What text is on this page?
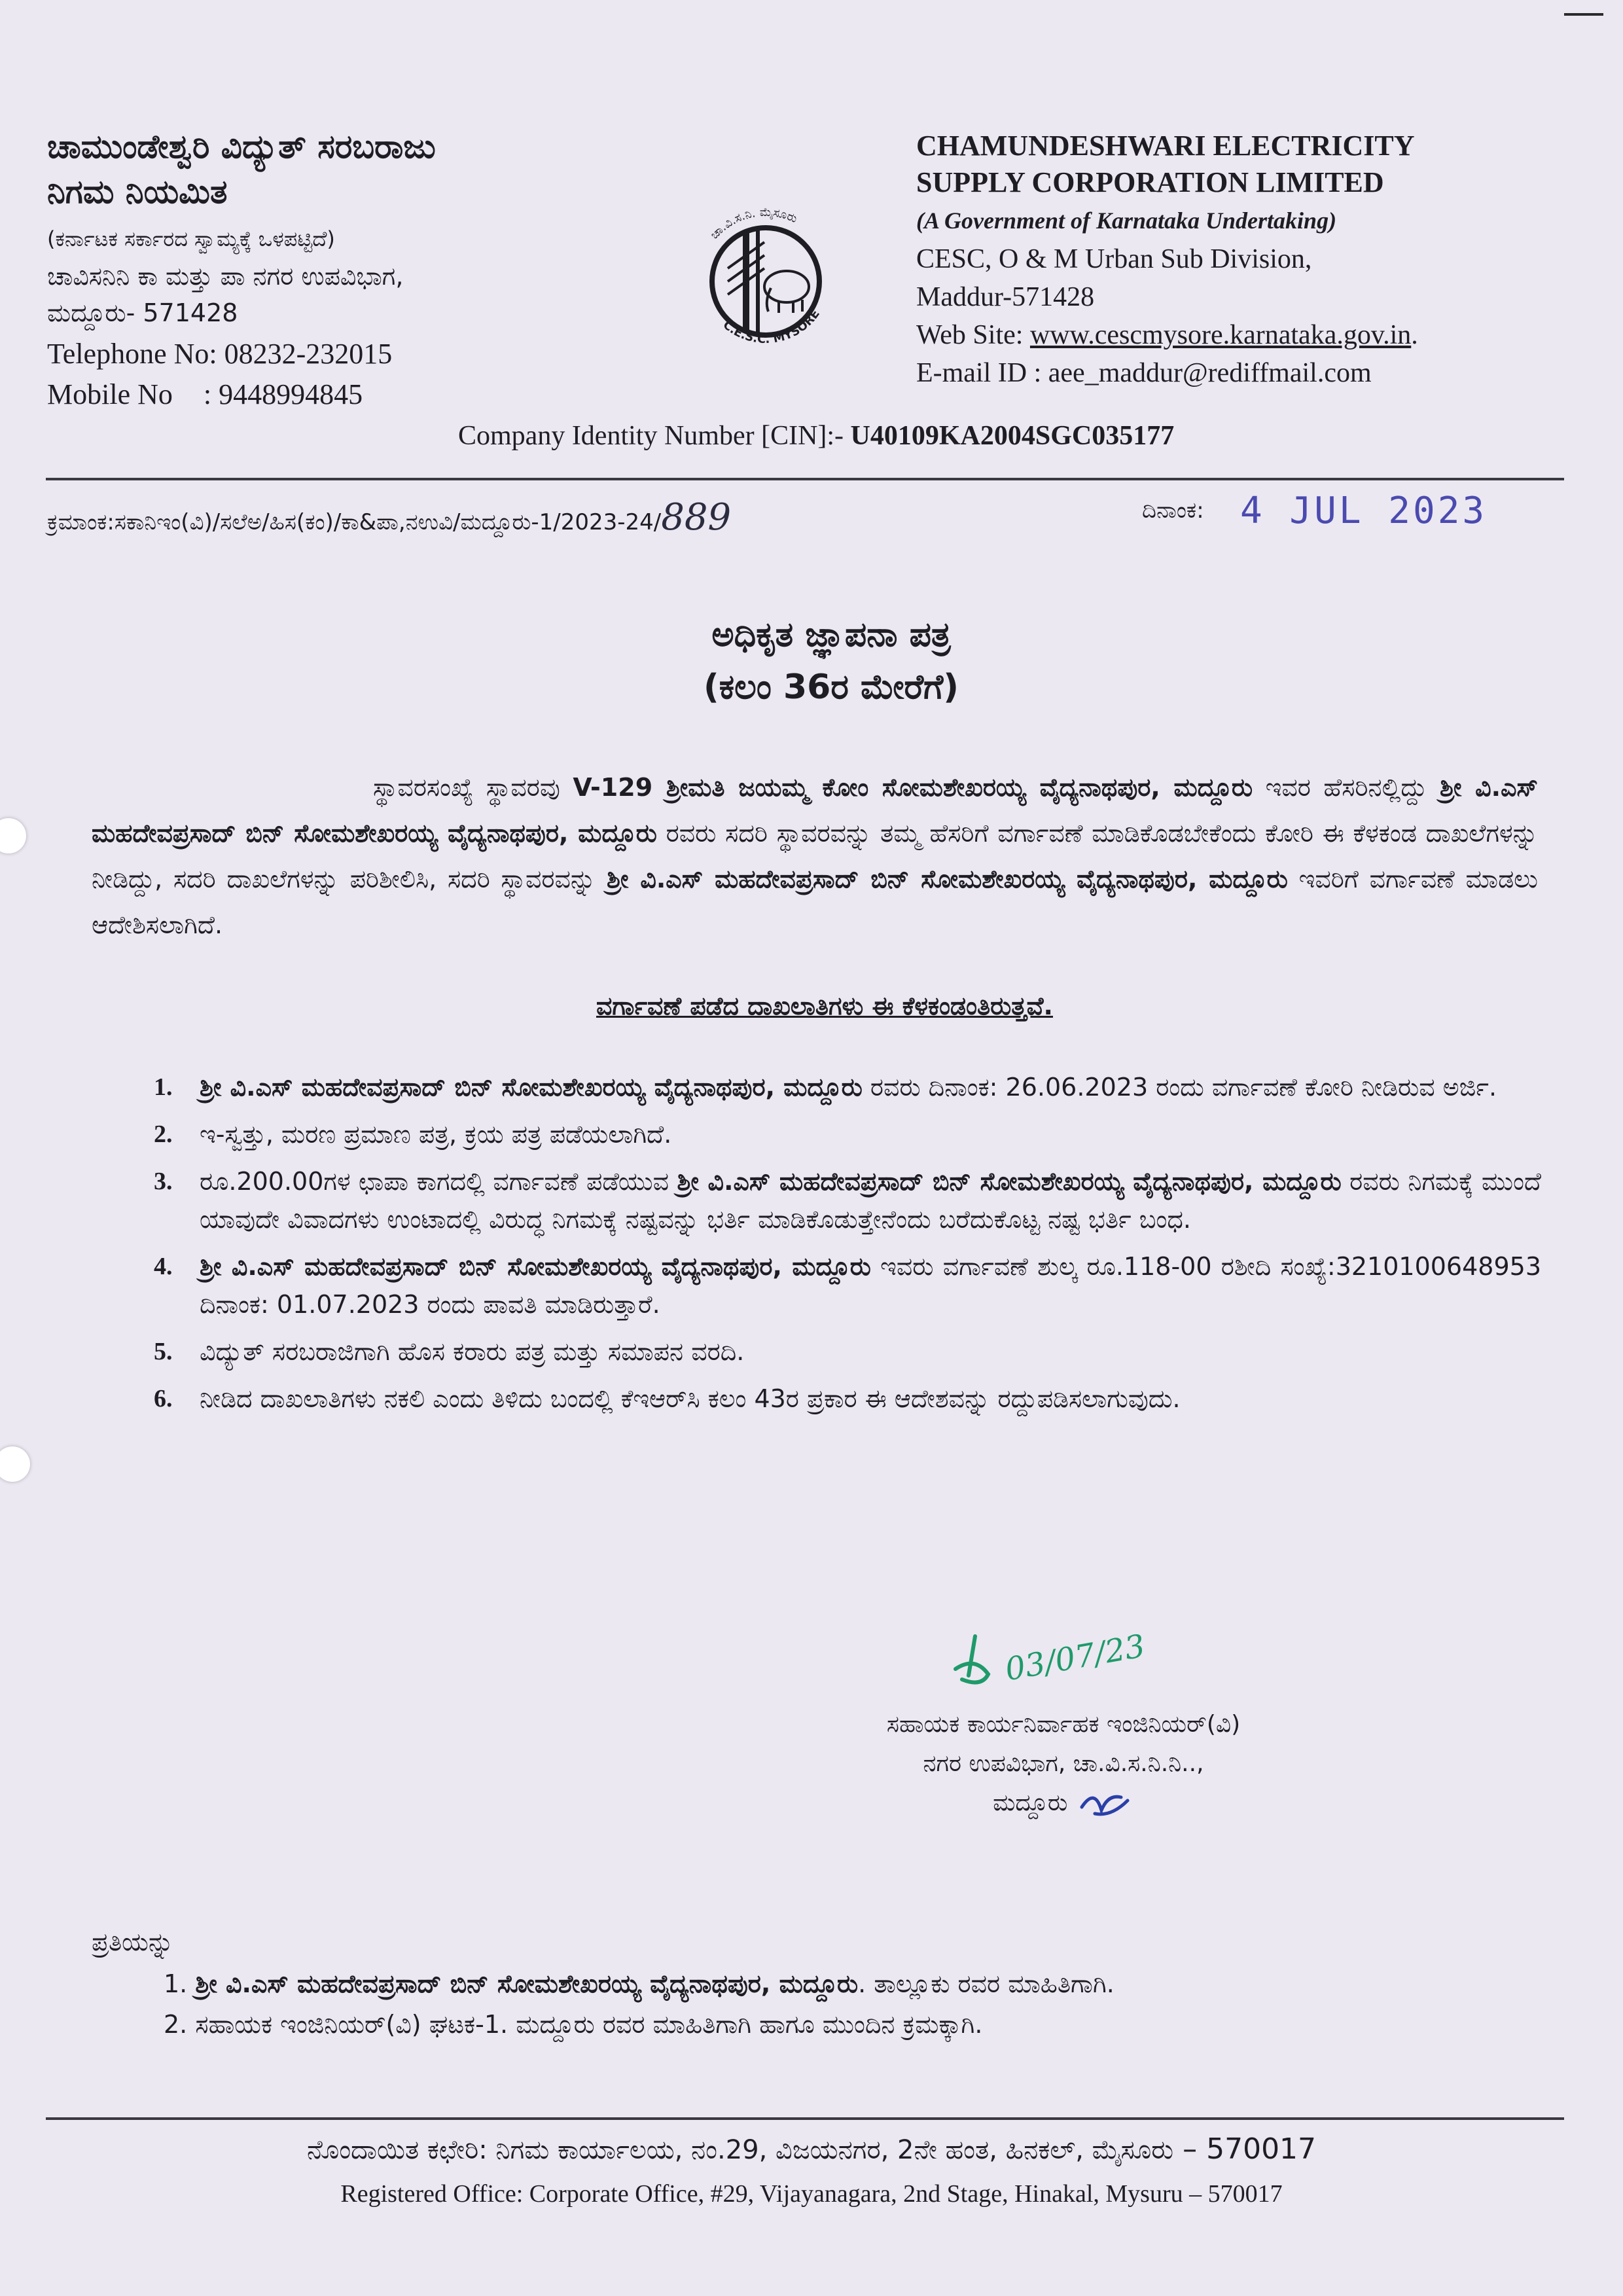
ಚಾಮುಂಡೇಶ್ವರಿ ವಿದ್ಯುತ್ ಸರಬರಾಜು
ನಿಗಮ ನಿಯಮಿತ
(ಕರ್ನಾಟಕ ಸರ್ಕಾರದ ಸ್ವಾಮ್ಯಕ್ಕೆ ಒಳಪಟ್ಟಿದೆ)
ಚಾವಿಸನಿನಿ ಕಾ ಮತ್ತು ಪಾ ನಗರ ಉಪವಿಭಾಗ,
ಮದ್ದೂರು- 571428
Telephone No: 08232-232015
Mobile No : 9448994845
ಚಾ.ವಿ.ಸ.ನಿ. ಮೈಸೂರು
C.E.S.C. MYSORE
CHAMUNDESHWARI ELECTRICITY
SUPPLY CORPORATION LIMITED
(A Government of Karnataka Undertaking)
CESC, O & M Urban Sub Division,
Maddur-571428
Web Site: www.cescmysore.karnataka.gov.in.
E-mail ID : aee_maddur@rediffmail.com
Company Identity Number [CIN]:- U40109KA2004SGC035177
ಕ್ರಮಾಂಕ:ಸಕಾನಿಇಂ(ವಿ)/ಸಲೆಅ/ಹಿಸ(ಕಂ)/ಕಾ&ಪಾ,ನಉವಿ/ಮದ್ದೂರು-1/2023-24/889	ದಿನಾಂಕ: 4 JUL 2023
ಅಧಿಕೃತ ಜ್ಞಾಪನಾ ಪತ್ರ
(ಕಲಂ 36ರ ಮೇರೆಗೆ)
ಸ್ಥಾವರಸಂಖ್ಯೆ ಸ್ಥಾವರವು V-129 ಶ್ರೀಮತಿ ಜಯಮ್ಮ ಕೋಂ ಸೋಮಶೇಖರಯ್ಯ ವೈದ್ಯನಾಥಪುರ, ಮದ್ದೂರು ಇವರ ಹೆಸರಿನಲ್ಲಿದ್ದು ಶ್ರೀ ವಿ.ಎಸ್ ಮಹದೇವಪ್ರಸಾದ್ ಬಿನ್ ಸೋಮಶೇಖರಯ್ಯ ವೈದ್ಯನಾಥಪುರ, ಮದ್ದೂರು ರವರು ಸದರಿ ಸ್ಥಾವರವನ್ನು ತಮ್ಮ ಹೆಸರಿಗೆ ವರ್ಗಾವಣೆ ಮಾಡಿಕೊಡಬೇಕೆಂದು ಕೋರಿ ಈ ಕೆಳಕಂಡ ದಾಖಲೆಗಳನ್ನು ನೀಡಿದ್ದು, ಸದರಿ ದಾಖಲೆಗಳನ್ನು ಪರಿಶೀಲಿಸಿ, ಸದರಿ ಸ್ಥಾವರವನ್ನು ಶ್ರೀ ವಿ.ಎಸ್ ಮಹದೇವಪ್ರಸಾದ್ ಬಿನ್ ಸೋಮಶೇಖರಯ್ಯ ವೈದ್ಯನಾಥಪುರ, ಮದ್ದೂರು ಇವರಿಗೆ ವರ್ಗಾವಣೆ ಮಾಡಲು ಆದೇಶಿಸಲಾಗಿದೆ.
ವರ್ಗಾವಣೆ ಪಡೆದ ದಾಖಲಾತಿಗಳು ಈ ಕೆಳಕಂಡಂತಿರುತ್ತವೆ.
1. ಶ್ರೀ ವಿ.ಎಸ್ ಮಹದೇವಪ್ರಸಾದ್ ಬಿನ್ ಸೋಮಶೇಖರಯ್ಯ ವೈದ್ಯನಾಥಪುರ, ಮದ್ದೂರು ರವರು ದಿನಾಂಕ: 26.06.2023 ರಂದು ವರ್ಗಾವಣೆ ಕೋರಿ ನೀಡಿರುವ ಅರ್ಜಿ.
2. ಇ-ಸ್ವತ್ತು, ಮರಣ ಪ್ರಮಾಣ ಪತ್ರ, ಕ್ರಯ ಪತ್ರ ಪಡೆಯಲಾಗಿದೆ.
3. ರೂ.200.00ಗಳ ಛಾಪಾ ಕಾಗದಲ್ಲಿ ವರ್ಗಾವಣೆ ಪಡೆಯುವ ಶ್ರೀ ವಿ.ಎಸ್ ಮಹದೇವಪ್ರಸಾದ್ ಬಿನ್ ಸೋಮಶೇಖರಯ್ಯ ವೈದ್ಯನಾಥಪುರ, ಮದ್ದೂರು ರವರು ನಿಗಮಕ್ಕೆ ಮುಂದೆ ಯಾವುದೇ ವಿವಾದಗಳು ಉಂಟಾದಲ್ಲಿ ವಿರುದ್ಧ ನಿಗಮಕ್ಕೆ ನಷ್ಟವನ್ನು ಭರ್ತಿ ಮಾಡಿಕೊಡುತ್ತೇನೆಂದು ಬರೆದುಕೊಟ್ಟ ನಷ್ಟ ಭರ್ತಿ ಬಂಧ.
4. ಶ್ರೀ ವಿ.ಎಸ್ ಮಹದೇವಪ್ರಸಾದ್ ಬಿನ್ ಸೋಮಶೇಖರಯ್ಯ ವೈದ್ಯನಾಥಪುರ, ಮದ್ದೂರು ಇವರು ವರ್ಗಾವಣೆ ಶುಲ್ಕ ರೂ.118-00 ರಶೀದಿ ಸಂಖ್ಯೆ:3210100648953 ದಿನಾಂಕ: 01.07.2023 ರಂದು ಪಾವತಿ ಮಾಡಿರುತ್ತಾರೆ.
5. ವಿದ್ಯುತ್ ಸರಬರಾಜಿಗಾಗಿ ಹೊಸ ಕರಾರು ಪತ್ರ ಮತ್ತು ಸಮಾಪನ ವರದಿ.
6. ನೀಡಿದ ದಾಖಲಾತಿಗಳು ನಕಲಿ ಎಂದು ತಿಳಿದು ಬಂದಲ್ಲಿ ಕೆಇಆರ್‌ಸಿ ಕಲಂ 43ರ ಪ್ರಕಾರ ಈ ಆದೇಶವನ್ನು ರದ್ದುಪಡಿಸಲಾಗುವುದು.
03/07/23
ಸಹಾಯಕ ಕಾರ್ಯನಿರ್ವಾಹಕ ಇಂಜಿನಿಯರ್(ವಿ)
ನಗರ ಉಪವಿಭಾಗ, ಚಾ.ವಿ.ಸ.ನಿ.ನಿ..,
ಮದ್ದೂರು
ಪ್ರತಿಯನ್ನು
1. ಶ್ರೀ ವಿ.ಎಸ್ ಮಹದೇವಪ್ರಸಾದ್ ಬಿನ್ ಸೋಮಶೇಖರಯ್ಯ ವೈದ್ಯನಾಥಪುರ, ಮದ್ದೂರು. ತಾಲ್ಲೂಕು ರವರ ಮಾಹಿತಿಗಾಗಿ.
2. ಸಹಾಯಕ ಇಂಜಿನಿಯರ್(ವಿ) ಘಟಕ-1. ಮದ್ದೂರು ರವರ ಮಾಹಿತಿಗಾಗಿ ಹಾಗೂ ಮುಂದಿನ ಕ್ರಮಕ್ಕಾಗಿ.
ನೊಂದಾಯಿತ ಕಛೇರಿ: ನಿಗಮ ಕಾರ್ಯಾಲಯ, ನಂ.29, ವಿಜಯನಗರ, 2ನೇ ಹಂತ, ಹಿನಕಲ್, ಮೈಸೂರು – 570017
Registered Office: Corporate Office, #29, Vijayanagara, 2nd Stage, Hinakal, Mysuru – 570017
